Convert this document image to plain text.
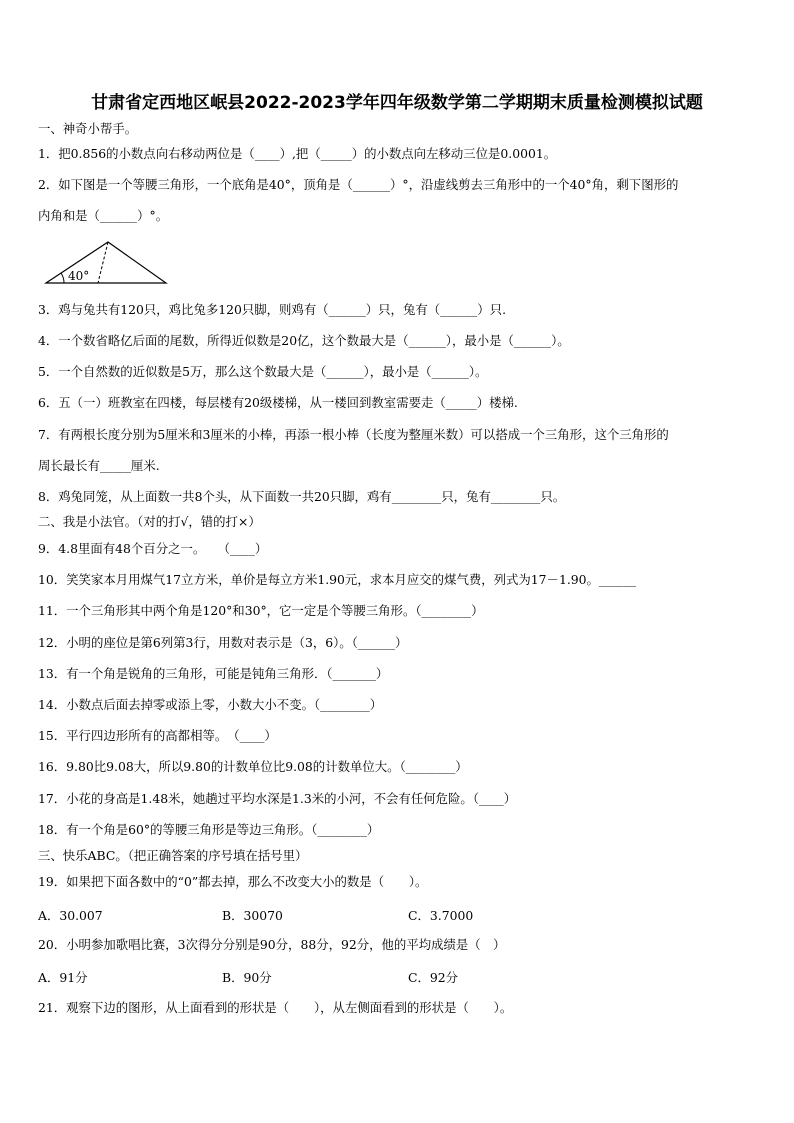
甘肃省定西地区岷县2022-2023学年四年级数学第二学期期末质量检测模拟试题
一、神奇小帮手。
1．把0.856的小数点向右移动两位是（____）,把（_____）的小数点向左移动三位是0.0001。
2．如下图是一个等腰三角形，一个底角是40°，顶角是（______）°，沿虚线剪去三角形中的一个40°角，剩下图形的
内角和是（______）°。
40°
3．鸡与兔共有120只，鸡比兔多120只脚，则鸡有（______）只，兔有（______）只.
4．一个数省略亿后面的尾数，所得近似数是20亿，这个数最大是（______），最小是（______）。
5．一个自然数的近似数是5万，那么这个数最大是（______），最小是（______）。
6．五（一）班教室在四楼，每层楼有20级楼梯，从一楼回到教室需要走（_____）楼梯.
7．有两根长度分别为5厘米和3厘米的小棒，再添一根小棒（长度为整厘米数）可以搭成一个三角形，这个三角形的
周长最长有_____厘米.
8．鸡兔同笼，从上面数一共8个头，从下面数一共20只脚，鸡有________只，兔有________只。
二、我是小法官。（对的打√，错的打×）
9．4.8里面有48个百分之一。　　（____）
10．笑笑家本月用煤气17立方米，单价是每立方米1.90元，求本月应交的煤气费，列式为17－1.90。______
11．一个三角形其中两个角是120°和30°，它一定是个等腰三角形。（________）
12．小明的座位是第6列第3行，用数对表示是（3，6）。（______）
13．有一个角是锐角的三角形，可能是钝角三角形．（_______）
14．小数点后面去掉零或添上零，小数大小不变。（________）
15．平行四边形所有的高都相等。　（____）
16．9.80比9.08大，所以9.80的计数单位比9.08的计数单位大。（________）
17．小花的身高是1.48米，她趟过平均水深是1.3米的小河，不会有任何危险。（____）
18．有一个角是60°的等腰三角形是等边三角形。（________）
三、快乐ABC。（把正确答案的序号填在括号里）
19．如果把下面各数中的“0”都去掉，那么不改变大小的数是（　　）。
A．30.007	B．30070	C．3.7000
20．小明参加歌唱比赛，3次得分分别是90分，88分，92分，他的平均成绩是（　）
A．91分	B．90分	C．92分
21．观察下边的图形，从上面看到的形状是（　　），从左侧面看到的形状是（　　）。
